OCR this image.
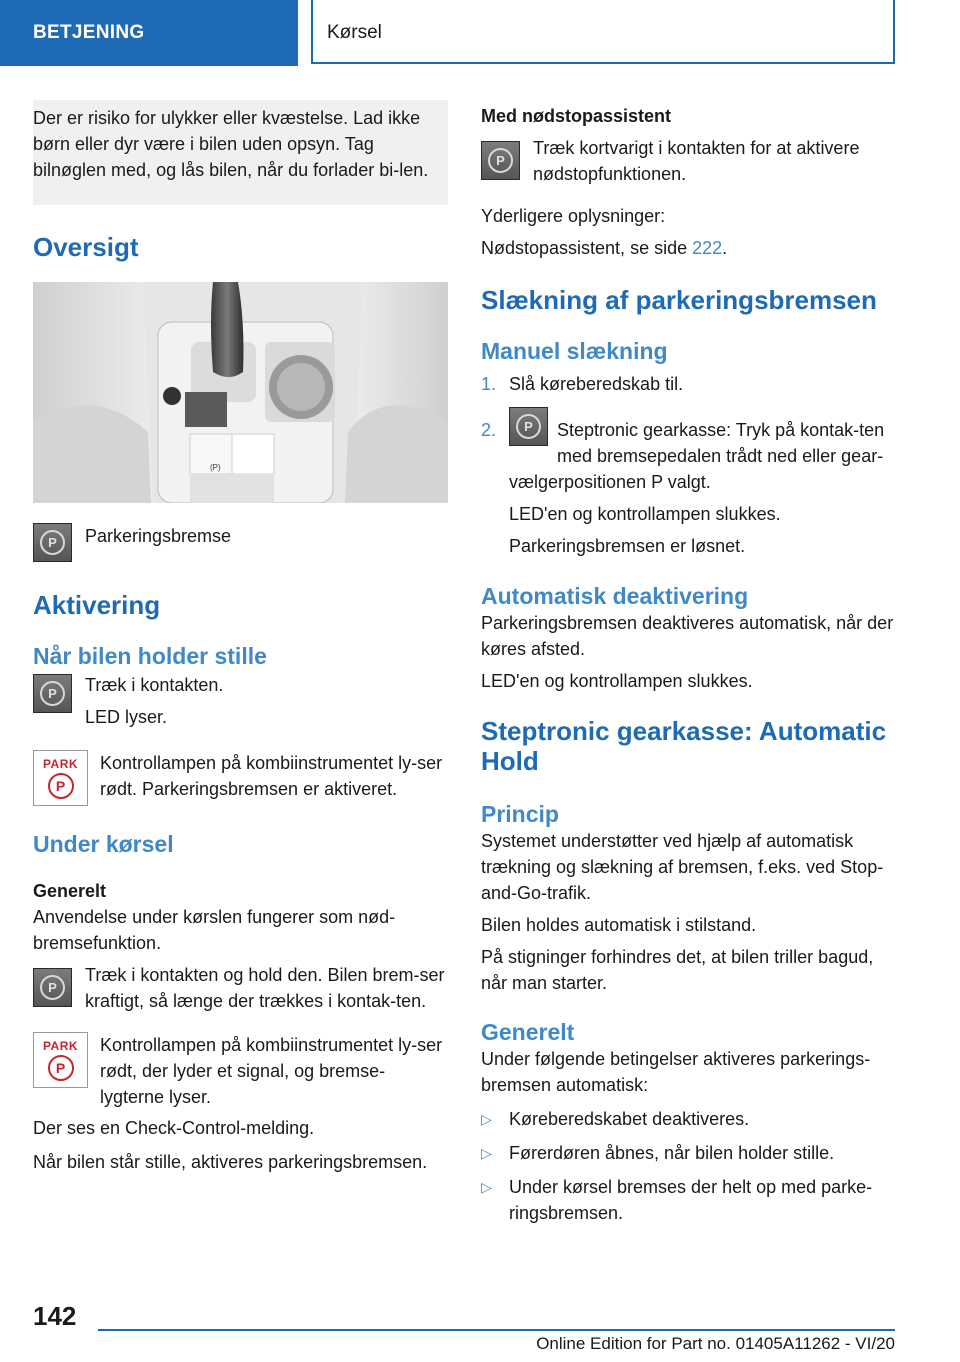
BETJENING	Kørsel

Der er risiko for ulykker eller kvæstelse. Lad ikke børn eller dyr være i bilen uden opsyn. Tag bilnøglen med, og lås bilen, når du forlader bi-len.

Oversigt
(P)
P	Parkeringsbremse
Aktivering
Når bilen holder stille
P	Træk i kontakten.

LED lyser.

PARK
P
Kontrollampen på kombiinstrumentet ly-ser rødt. Parkeringsbremsen er aktiveret.
Under kørsel
Generelt

Anvendelse under kørslen fungerer som nød-bremsefunktion.

P

Træk i kontakten og hold den. Bilen brem-ser kraftigt, så længe der trækkes i kontak-ten.

PARK
P
Kontrollampen på kombiinstrumentet ly-ser rødt, der lyder et signal, og bremse-lygterne lyser.

Der ses en Check-Control-melding.

Når bilen står stille, aktiveres parkeringsbremsen.

Med nødstopassistent
P
Træk kortvarigt i kontakten for at aktivere nødstopfunktionen.

Yderligere oplysninger:

Nødstopassistent, se side 222.

Slækning af parkeringsbremsen
Manuel slækning
1. Slå køreberedskab til.
2.	P	Steptronic gearkasse: Tryk på kontak-ten med bremsepedalen trådt ned eller gear-vælgerpositionen P valgt.

LED'en og kontrollampen slukkes.

Parkeringsbremsen er løsnet.

Automatisk deaktivering

Parkeringsbremsen deaktiveres automatisk, når der køres afsted.

LED'en og kontrollampen slukkes.

Steptronic gearkasse: Automatic Hold
Princip

Systemet understøtter ved hjælp af automatisk trækning og slækning af bremsen, f.eks. ved Stop-and-Go-trafik.

Bilen holdes automatisk i stilstand.

På stigninger forhindres det, at bilen triller bagud, når man starter.

Generelt

Under følgende betingelser aktiveres parkerings-bremsen automatisk:

▷ Køreberedskabet deaktiveres.
▷ Førerdøren åbnes, når bilen holder stille.
▷ Under kørsel bremses der helt op med parke-ringsbremsen.
142
Online Edition for Part no. 01405A11262 - VI/20
